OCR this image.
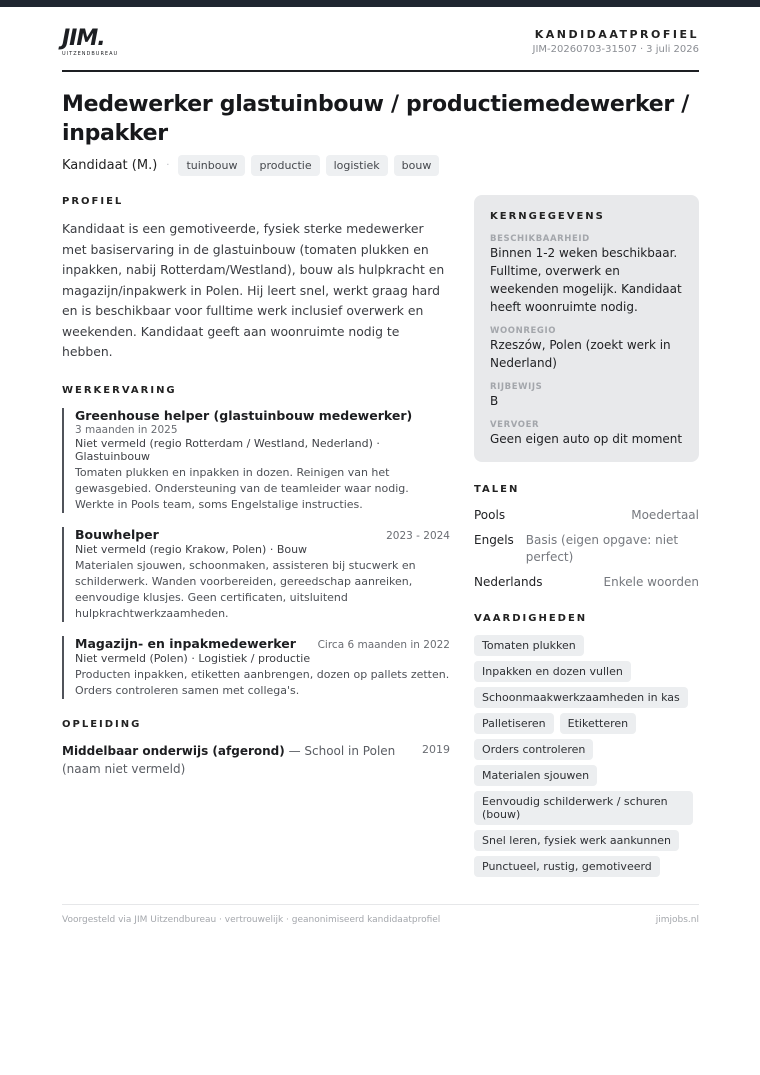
JIM.
UITZENDBUREAU
KANDIDAATPROFIEL
JIM-20260703-31507 · 3 juli 2026
Medewerker glastuinbouw / productiemedewerker / inpakker
Kandidaat (M.) ·	tuinbouw	productie	logistiek	bouw
PROFIEL

Kandidaat is een gemotiveerde, fysiek sterke medewerker met basiservaring in de glastuinbouw (tomaten plukken en inpakken, nabij Rotterdam/Westland), bouw als hulpkracht en magazijn/inpakwerk in Polen. Hij leert snel, werkt graag hard en is beschikbaar voor fulltime werk inclusief overwerk en weekenden. Kandidaat geeft aan woonruimte nodig te hebben.

WERKERVARING
Greenhouse helper (glastuinbouw medewerker)
3 maanden in 2025
Niet vermeld (regio Rotterdam / Westland, Nederland) · Glastuinbouw
Tomaten plukken en inpakken in dozen. Reinigen van het gewasgebied. Ondersteuning van de teamleider waar nodig. Werkte in Pools team, soms Engelstalige instructies.
Bouwhelper	2023 - 2024
Niet vermeld (regio Krakow, Polen) · Bouw
Materialen sjouwen, schoonmaken, assisteren bij stucwerk en schilderwerk. Wanden voorbereiden, gereedschap aanreiken, eenvoudige klusjes. Geen certificaten, uitsluitend hulpkrachtwerkzaamheden.
Magazijn- en inpakmedewerker Circa 6 maanden in 2022
Niet vermeld (Polen) · Logistiek / productie
Producten inpakken, etiketten aanbrengen, dozen op pallets zetten. Orders controleren samen met collega's.
OPLEIDING
Middelbaar onderwijs (afgerond) — School in Polen (naam niet vermeld)
2019
KERNGEGEVENS
BESCHIKBAARHEID
Binnen 1-2 weken beschikbaar. Fulltime, overwerk en weekenden mogelijk. Kandidaat heeft woonruimte nodig.
WOONREGIO
Rzeszów, Polen (zoekt werk in Nederland)
RIJBEWIJS
B
VERVOER
Geen eigen auto op dit moment
TALEN
Pools	Moedertaal
Engels Basis (eigen opgave: niet perfect)
Nederlands	Enkele woorden
VAARDIGHEDEN
Tomaten plukken
Inpakken en dozen vullen
Schoonmaakwerkzaamheden in kas
Palletiseren	Etiketteren
Orders controleren
Materialen sjouwen
Eenvoudig schilderwerk / schuren (bouw)
Snel leren, fysiek werk aankunnen
Punctueel, rustig, gemotiveerd
Voorgesteld via JIM Uitzendbureau · vertrouwelijk · geanonimiseerd kandidaatprofiel	jimjobs.nl
